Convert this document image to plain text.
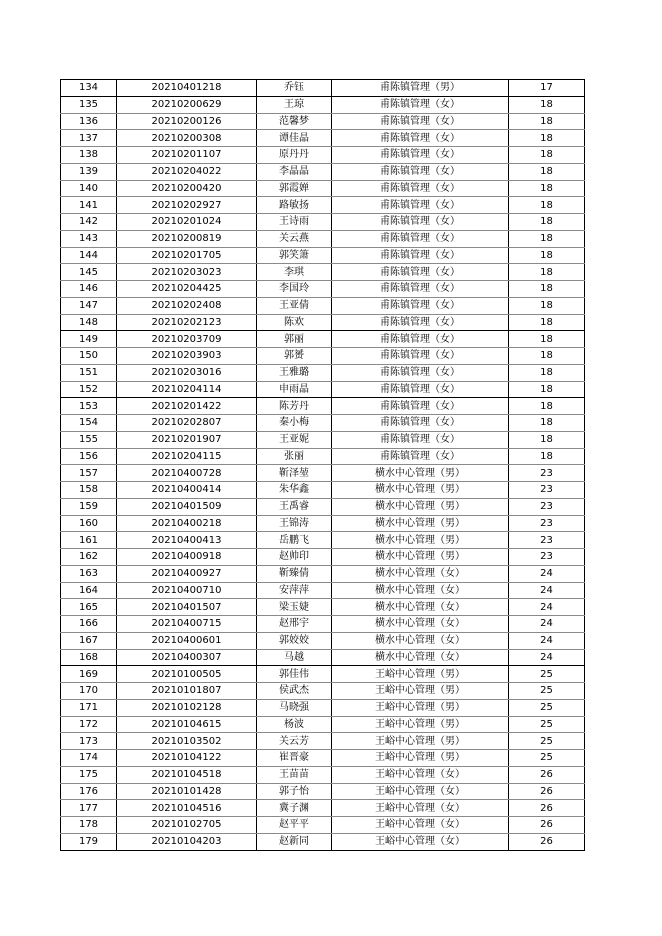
134	20210401218	乔钰	甫陈镇管理（男）	17
135	20210200629	王琼	甫陈镇管理（女）	18
136	20210200126	范馨梦	甫陈镇管理（女）	18
137	20210200308	谭佳晶	甫陈镇管理（女）	18
138	20210201107	原丹丹	甫陈镇管理（女）	18
139	20210204022	李晶晶	甫陈镇管理（女）	18
140	20210200420	郭霞婵	甫陈镇管理（女）	18
141	20210202927	路敏扬	甫陈镇管理（女）	18
142	20210201024	王诗雨	甫陈镇管理（女）	18
143	20210200819	关云燕	甫陈镇管理（女）	18
144	20210201705	郭笑箫	甫陈镇管理（女）	18
145	20210203023	李琪	甫陈镇管理（女）	18
146	20210204425	李国玲	甫陈镇管理（女）	18
147	20210202408	王亚倩	甫陈镇管理（女）	18
148	20210202123	陈欢	甫陈镇管理（女）	18
149	20210203709	郭丽	甫陈镇管理（女）	18
150	20210203903	郭赟	甫陈镇管理（女）	18
151	20210203016	王雅璐	甫陈镇管理（女）	18
152	20210204114	申雨晶	甫陈镇管理（女）	18
153	20210201422	陈芳丹	甫陈镇管理（女）	18
154	20210202807	秦小梅	甫陈镇管理（女）	18
155	20210201907	王亚妮	甫陈镇管理（女）	18
156	20210204115	张丽	甫陈镇管理（女）	18
157	20210400728	靳泽堃	横水中心管理（男）	23
158	20210400414	朱华鑫	横水中心管理（男）	23
159	20210401509	王禹睿	横水中心管理（男）	23
160	20210400218	王锦涛	横水中心管理（男）	23
161	20210400413	岳鹏飞	横水中心管理（男）	23
162	20210400918	赵帅印	横水中心管理（男）	23
163	20210400927	靳臻倩	横水中心管理（女）	24
164	20210400710	安萍萍	横水中心管理（女）	24
165	20210401507	梁玉婕	横水中心管理（女）	24
166	20210400715	赵邢宇	横水中心管理（女）	24
167	20210400601	郭姣姣	横水中心管理（女）	24
168	20210400307	马越	横水中心管理（女）	24
169	20210100505	郭佳伟	王峪中心管理（男）	25
170	20210101807	侯武杰	王峪中心管理（男）	25
171	20210102128	马晓强	王峪中心管理（男）	25
172	20210104615	杨波	王峪中心管理（男）	25
173	20210103502	关云芳	王峪中心管理（男）	25
174	20210104122	崔晋豪	王峪中心管理（男）	25
175	20210104518	王苗苗	王峪中心管理（女）	26
176	20210101428	郭子怡	王峪中心管理（女）	26
177	20210104516	冀子渊	王峪中心管理（女）	26
178	20210102705	赵平平	王峪中心管理（女）	26
179	20210104203	赵新同	王峪中心管理（女）	26
